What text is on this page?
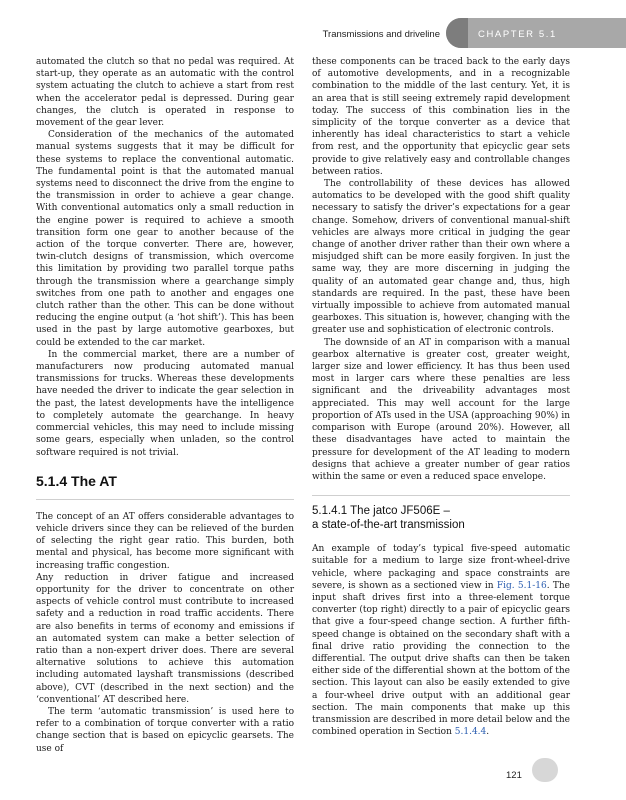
Transmissions and driveline	CHAPTER 5.1

automated the clutch so that no pedal was required. At start-up, they operate as an automatic with the control system actuating the clutch to achieve a start from rest when the accelerator pedal is depressed. During gear changes, the clutch is operated in response to movement of the gear lever.

Consideration of the mechanics of the automated manual systems suggests that it may be difficult for these systems to replace the conventional automatic. The fundamental point is that the automated manual systems need to disconnect the drive from the engine to the transmission in order to achieve a gear change. With conventional automatics only a small reduction in the engine power is required to achieve a smooth transition form one gear to another because of the action of the torque converter. There are, however, twin-clutch designs of transmission, which overcome this limitation by providing two parallel torque paths through the transmission where a gearchange simply switches from one path to another and engages one clutch rather than the other. This can be done without reducing the engine output (a ‘hot shift’). This has been used in the past by large automotive gearboxes, but could be extended to the car market.

In the commercial market, there are a number of manufacturers now producing automated manual transmissions for trucks. Whereas these developments have needed the driver to indicate the gear selection in the past, the latest developments have the intelligence to completely automate the gearchange. In heavy commercial vehicles, this may need to include missing some gears, especially when unladen, so the control software required is not trivial.

5.1.4 The AT

The concept of an AT offers considerable advantages to vehicle drivers since they can be relieved of the burden of selecting the right gear ratio. This burden, both mental and physical, has become more significant with increasing traffic congestion.

Any reduction in driver fatigue and increased opportunity for the driver to concentrate on other aspects of vehicle control must contribute to increased safety and a reduction in road traffic accidents. There are also benefits in terms of economy and emissions if an automated system can make a better selection of ratio than a non-expert driver does. There are several alternative solutions to achieve this automation including automated layshaft transmissions (described above), CVT (described in the next section) and the ‘conventional’ AT described here.

The term ‘automatic transmission’ is used here to refer to a combination of torque converter with a ratio change section that is based on epicyclic gearsets. The use of

these components can be traced back to the early days of automotive developments, and in a recognizable combination to the middle of the last century. Yet, it is an area that is still seeing extremely rapid development today. The success of this combination lies in the simplicity of the torque converter as a device that inherently has ideal characteristics to start a vehicle from rest, and the opportunity that epicyclic gear sets provide to give relatively easy and controllable changes between ratios.

The controllability of these devices has allowed automatics to be developed with the good shift quality necessary to satisfy the driver’s expectations for a gear change. Somehow, drivers of conventional manual-shift vehicles are always more critical in judging the gear change of another driver rather than their own where a misjudged shift can be more easily forgiven. In just the same way, they are more discerning in judging the quality of an automated gear change and, thus, high standards are required. In the past, these have been virtually impossible to achieve from automated manual gearboxes. This situation is, however, changing with the greater use and sophistication of electronic controls.

The downside of an AT in comparison with a manual gearbox alternative is greater cost, greater weight, larger size and lower efficiency. It has thus been used most in larger cars where these penalties are less significant and the driveability advantages most appreciated. This may well account for the large proportion of ATs used in the USA (approaching 90%) in comparison with Europe (around 20%). However, all these disadvantages have acted to maintain the pressure for development of the AT leading to modern designs that achieve a greater number of gear ratios within the same or even a reduced space envelope.

5.1.4.1 The jatco JF506E –
a state-of-the-art transmission

An example of today’s typical five-speed automatic suitable for a medium to large size front-wheel-drive vehicle, where packaging and space constraints are severe, is shown as a sectioned view in Fig. 5.1-16. The input shaft drives first into a three-element torque converter (top right) directly to a pair of epicyclic gears that give a four-speed change section. A further fifth-speed change is obtained on the secondary shaft with a final drive ratio providing the connection to the differential. The output drive shafts can then be taken either side of the differential shown at the bottom of the section. This layout can also be easily extended to give a four-wheel drive output with an additional gear section. The main components that make up this transmission are described in more detail below and the combined operation in Section 5.1.4.4.

121
